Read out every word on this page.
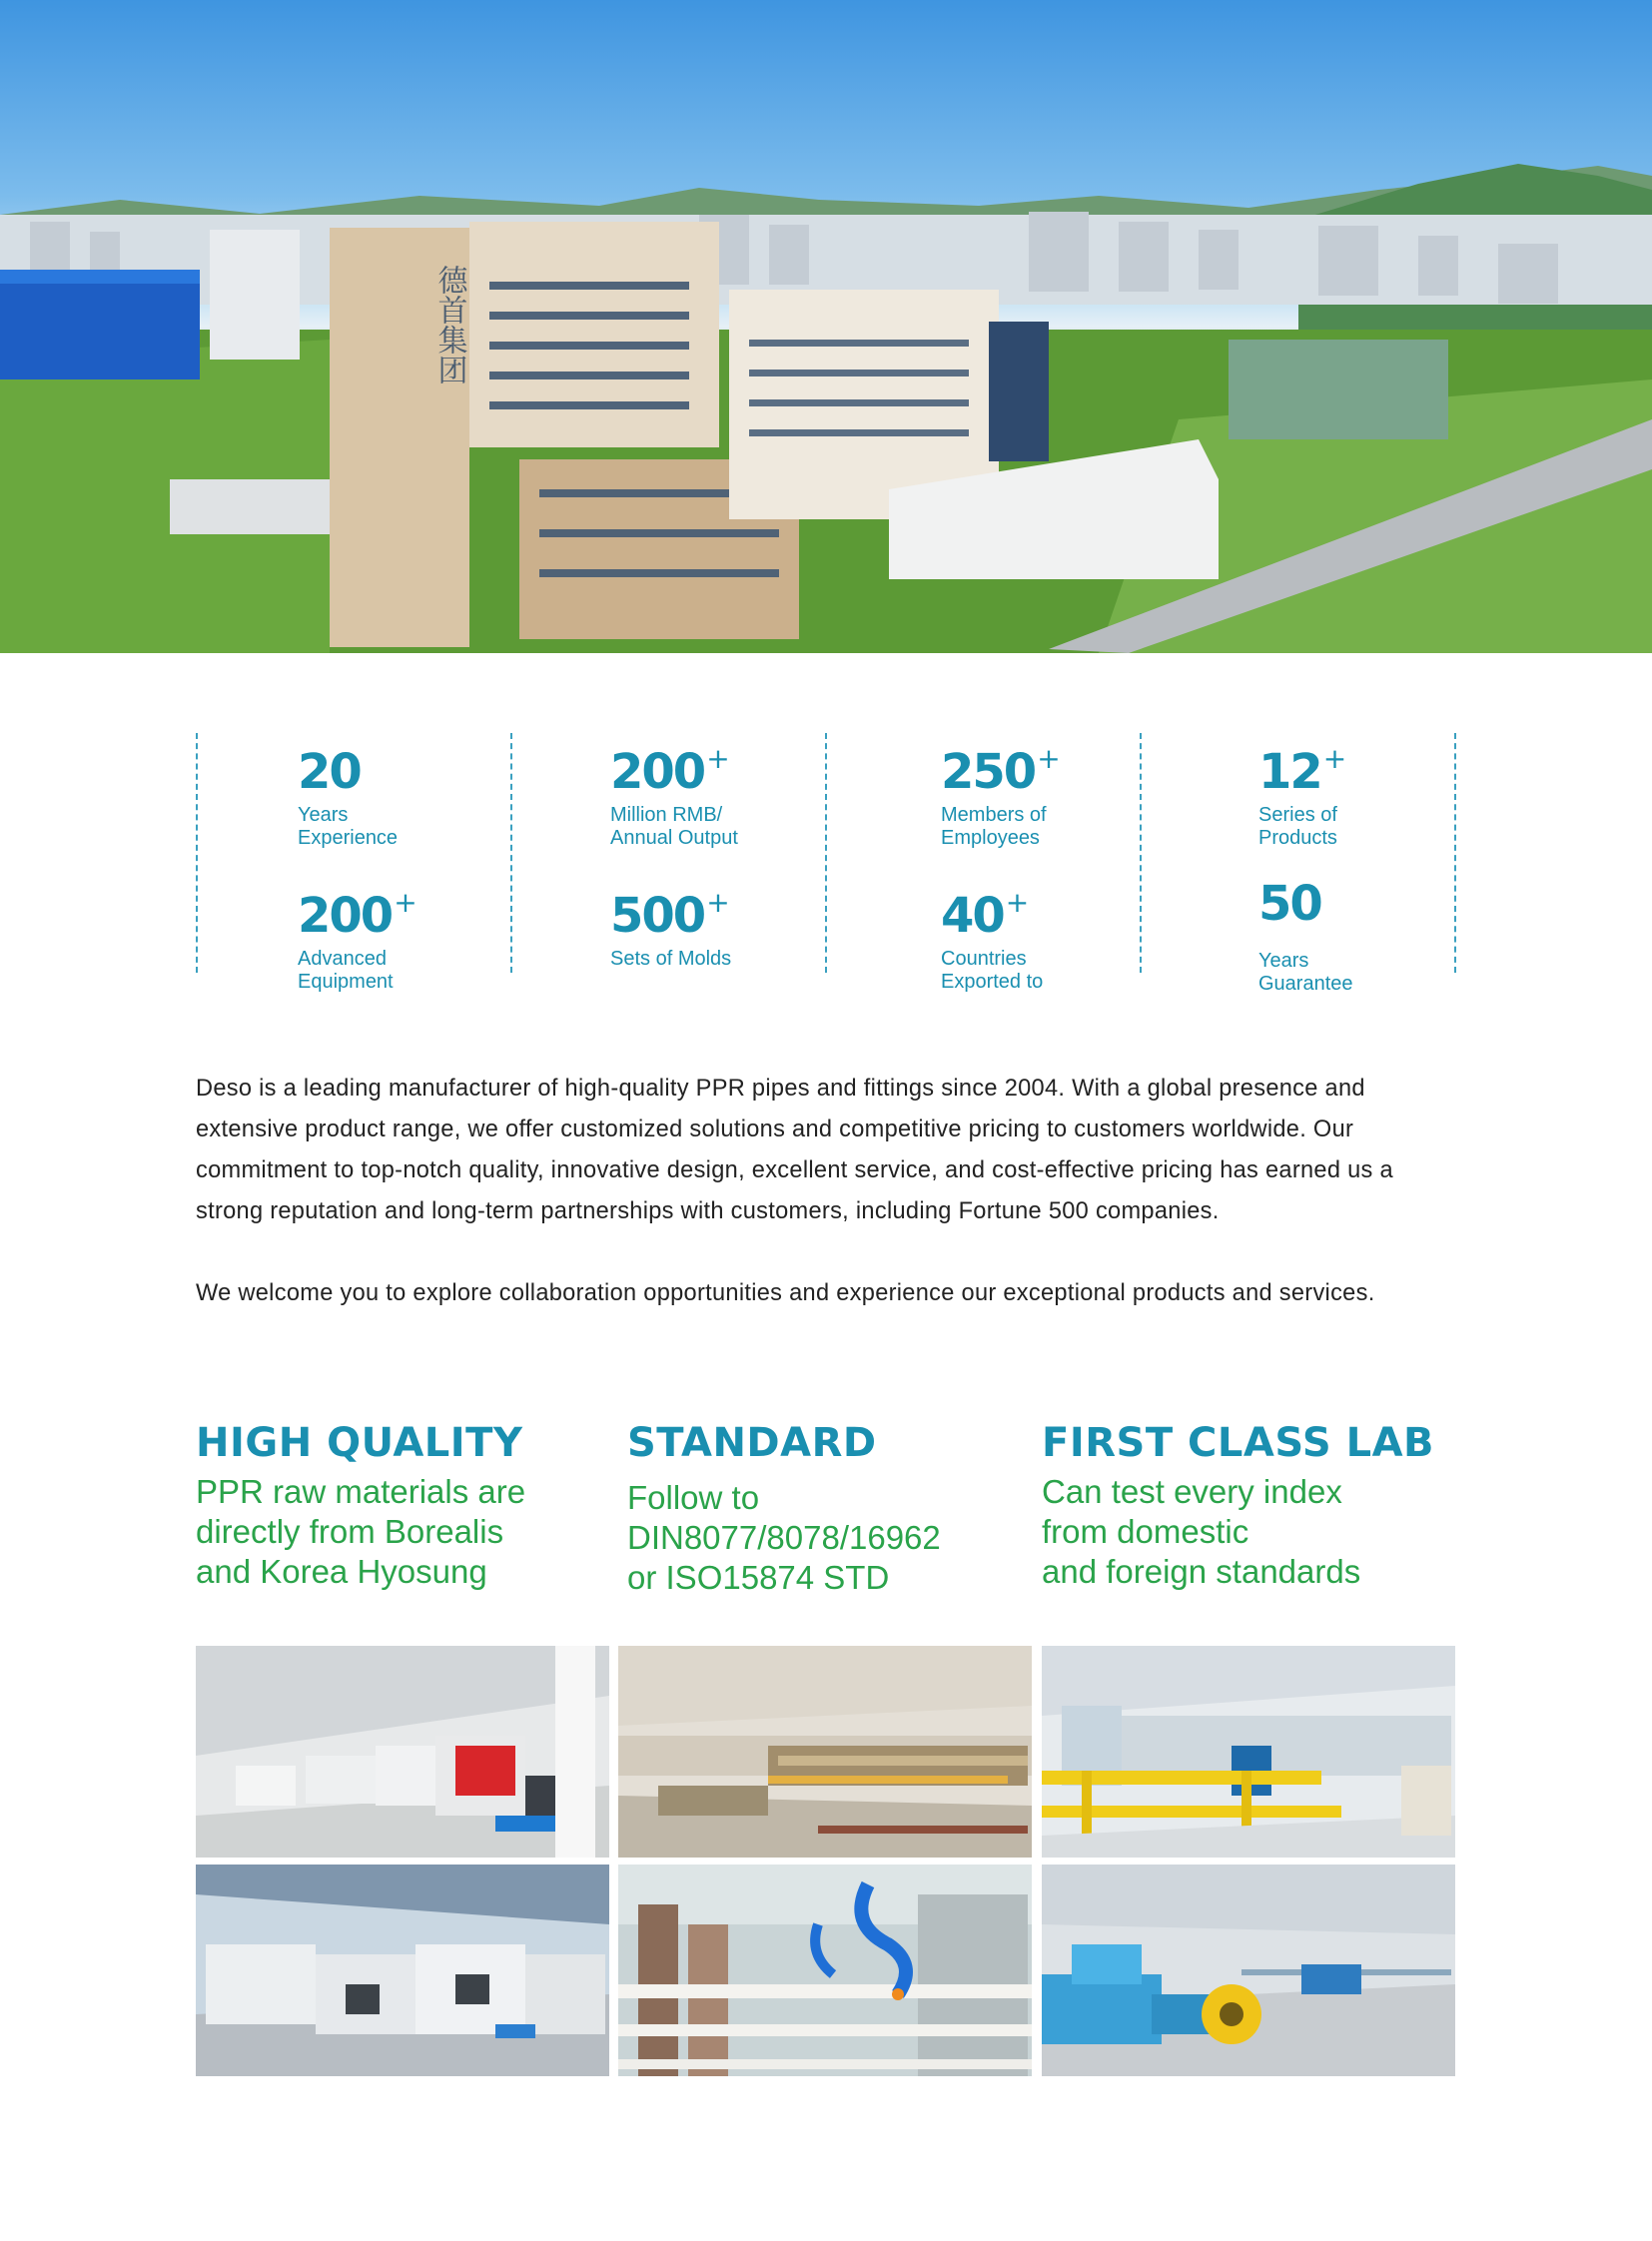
德首集团
20
Years
Experience
200+
Million RMB/
Annual Output
250+
Members of
Employees
12+
Series of
Products
200+
Advanced
Equipment
500+
Sets of Molds
40+
Countries
Exported to
50
Years
Guarantee

Deso is a leading manufacturer of high-quality PPR pipes and fittings since 2004. With a global presence and extensive product range, we offer customized solutions and competitive pricing to customers worldwide. Our commitment to top-notch quality, innovative design, excellent service, and cost-effective pricing has earned us a strong reputation and long-term partnerships with customers, including Fortune 500 companies.

We welcome you to explore collaboration opportunities and experience our exceptional products and services.

HIGH QUALITY
PPR raw materials are
directly from Borealis
and Korea Hyosung
STANDARD
Follow to
DIN8077/8078/16962
or ISO15874 STD
FIRST CLASS LAB
Can test every index
from domestic
and foreign standards
